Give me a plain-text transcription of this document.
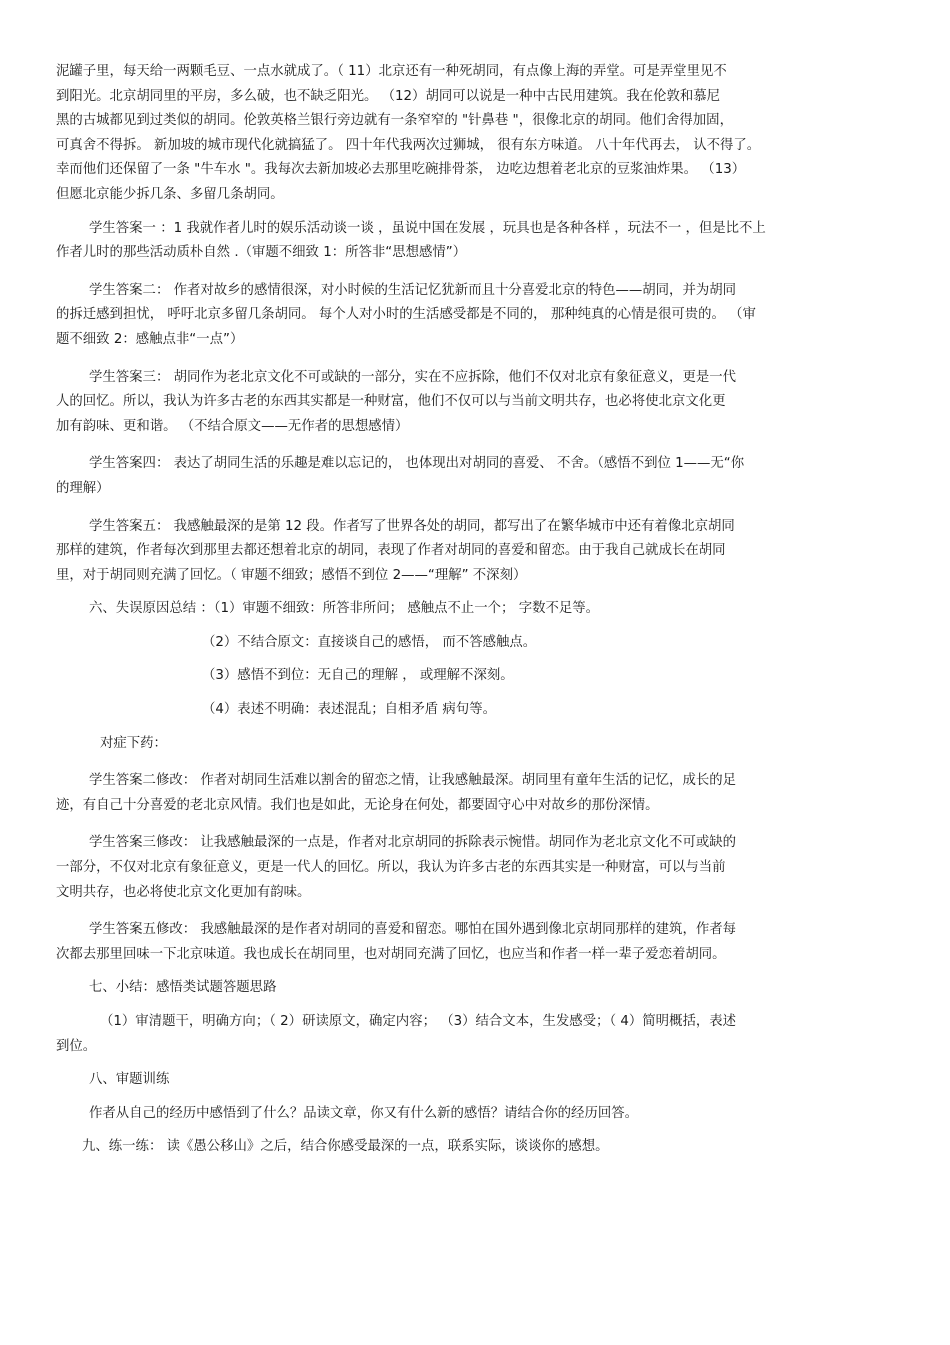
泥罐子里，每天给一两颗毛豆、一点水就成了。（ 11）北京还有一种死胡同，有点像上海的弄堂。可是弄堂里见不
到阳光。北京胡同里的平房，多么破，也不缺乏阳光。 （12）胡同可以说是一种中古民用建筑。我在伦敦和慕尼
黑的古城都见到过类似的胡同。伦敦英格兰银行旁边就有一条窄窄的 "针鼻巷 "，很像北京的胡同。他们舍得加固，
可真舍不得拆。 新加坡的城市现代化就搞猛了。 四十年代我两次过狮城， 很有东方味道。 八十年代再去， 认不得了。
幸而他们还保留了一条 "牛车水 "。我每次去新加坡必去那里吃碗排骨茶， 边吃边想着老北京的豆浆油炸果。 （13）
但愿北京能少拆几条、多留几条胡同。

学生答案一 ：1 我就作者儿时的娱乐活动谈一谈 ，虽说中国在发展 ，玩具也是各种各样 ，玩法不一 ，但是比不上
作者儿时的那些活动质朴自然 .（审题不细致 1：所答非“思想感情”）

学生答案二： 作者对故乡的感情很深，对小时候的生活记忆犹新而且十分喜爱北京的特色——胡同，并为胡同
的拆迁感到担忧， 呼吁北京多留几条胡同。 每个人对小时的生活感受都是不同的， 那种纯真的心情是很可贵的。 （审
题不细致 2：感触点非“一点”）

学生答案三： 胡同作为老北京文化不可或缺的一部分，实在不应拆除，他们不仅对北京有象征意义，更是一代
人的回忆。所以，我认为许多古老的东西其实都是一种财富，他们不仅可以与当前文明共存，也必将使北京文化更
加有韵味、更和谐。 （不结合原文——无作者的思想感情）

学生答案四： 表达了胡同生活的乐趣是难以忘记的， 也体现出对胡同的喜爱、 不舍。（感悟不到位 1——无“你
的理解）

学生答案五： 我感触最深的是第 12 段。作者写了世界各处的胡同，都写出了在繁华城市中还有着像北京胡同
那样的建筑，作者每次到那里去都还想着北京的胡同，表现了作者对胡同的喜爱和留恋。由于我自己就成长在胡同
里，对于胡同则充满了回忆。（ 审题不细致；感悟不到位 2——“理解” 不深刻）

六、失误原因总结 ：（1）审题不细致：所答非所问； 感触点不止一个； 字数不足等。

（2）不结合原文：直接谈自己的感悟， 而不答感触点。

（3）感悟不到位：无自己的理解 ， 或理解不深刻。

（4）表述不明确：表述混乱；自相矛盾 病句等。

对症下药：

学生答案二修改： 作者对胡同生活难以割舍的留恋之情，让我感触最深。胡同里有童年生活的记忆，成长的足
迹，有自己十分喜爱的老北京风情。我们也是如此，无论身在何处，都要固守心中对故乡的那份深情。

学生答案三修改： 让我感触最深的一点是，作者对北京胡同的拆除表示惋惜。胡同作为老北京文化不可或缺的
一部分，不仅对北京有象征意义，更是一代人的回忆。所以，我认为许多古老的东西其实是一种财富，可以与当前
文明共存，也必将使北京文化更加有韵味。

学生答案五修改： 我感触最深的是作者对胡同的喜爱和留恋。哪怕在国外遇到像北京胡同那样的建筑，作者每
次都去那里回味一下北京味道。我也成长在胡同里，也对胡同充满了回忆，也应当和作者一样一辈子爱恋着胡同。

七、小结：感悟类试题答题思路

（1）审清题干，明确方向；（ 2）研读原文，确定内容； （3）结合文本，生发感受；（ 4）简明概括，表述
到位。

八、审题训练

作者从自己的经历中感悟到了什么？品读文章，你又有什么新的感悟？请结合你的经历回答。

九、练一练： 读《愚公移山》之后，结合你感受最深的一点，联系实际，谈谈你的感想。
